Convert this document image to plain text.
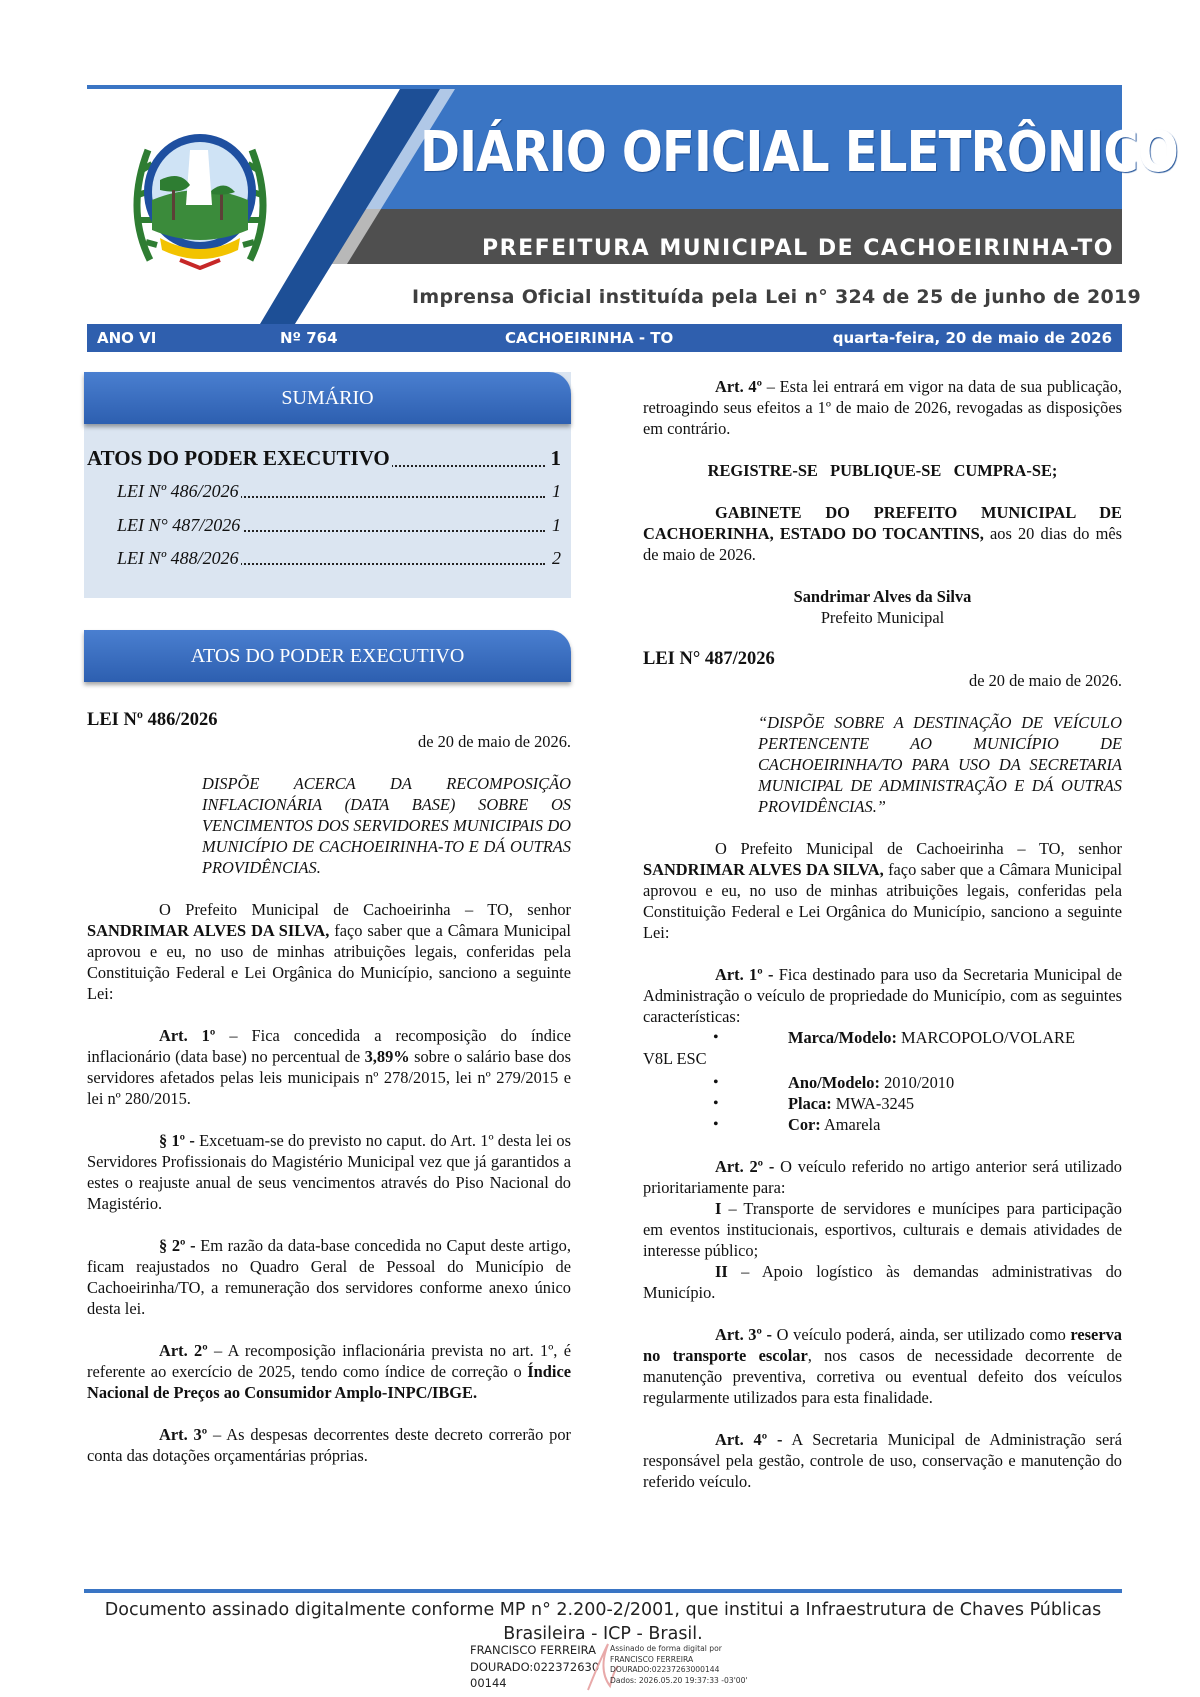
DIÁRIO OFICIAL ELETRÔNICO
PREFEITURA MUNICIPAL DE CACHOEIRINHA-TO
Imprensa Oficial instituída pela Lei n° 324 de 25 de junho de 2019
ANO VI	Nº 764	CACHOEIRINHA - TO	quarta-feira, 20 de maio de 2026
SUMÁRIO
ATOS DO PODER EXECUTIVO	1
LEI Nº 486/2026	1
LEI N° 487/2026	1
LEI Nº 488/2026	2
ATOS DO PODER EXECUTIVO

LEI Nº 486/2026

de 20 de maio de 2026.

DISPÕE ACERCA DA RECOMPOSIÇÃO INFLACIONÁRIA (DATA BASE) SOBRE OS VENCIMENTOS DOS SERVIDORES MUNICIPAIS DO MUNICÍPIO DE CACHOEIRINHA-TO E DÁ OUTRAS PROVIDÊNCIAS.

O Prefeito Municipal de Cachoeirinha – TO, senhor SANDRIMAR ALVES DA SILVA, faço saber que a Câmara Municipal aprovou e eu, no uso de minhas atribuições legais, conferidas pela Constituição Federal e Lei Orgânica do Município, sanciono a seguinte Lei:

Art. 1º – Fica concedida a recomposição do índice inflacionário (data base) no percentual de 3,89% sobre o salário base dos servidores afetados pelas leis municipais nº 278/2015, lei nº 279/2015 e lei nº 280/2015.

§ 1º - Excetuam-se do previsto no caput. do Art. 1º desta lei os Servidores Profissionais do Magistério Municipal vez que já garantidos a estes o reajuste anual de seus vencimentos através do Piso Nacional do Magistério.

§ 2º - Em razão da data-base concedida no Caput deste artigo, ficam reajustados no Quadro Geral de Pessoal do Município de Cachoeirinha/TO, a remuneração dos servidores conforme anexo único desta lei.

Art. 2º – A recomposição inflacionária prevista no art. 1º, é referente ao exercício de 2025, tendo como índice de correção o Índice Nacional de Preços ao Consumidor Amplo-INPC/IBGE.

Art. 3º – As despesas decorrentes deste decreto correrão por conta das dotações orçamentárias próprias.

Art. 4º – Esta lei entrará em vigor na data de sua publicação, retroagindo seus efeitos a 1º de maio de 2026, revogadas as disposições em contrário.

REGISTRE-SE   PUBLIQUE-SE   CUMPRA-SE;

GABINETE DO PREFEITO MUNICIPAL DE CACHOERINHA, ESTADO DO TOCANTINS, aos 20 dias do mês de maio de 2026.

Sandrimar Alves da Silva

Prefeito Municipal

LEI N° 487/2026

de 20 de maio de 2026.

“DISPÕE SOBRE A DESTINAÇÃO DE VEÍCULO PERTENCENTE AO MUNICÍPIO DE CACHOEIRINHA/TO PARA USO DA SECRETARIA MUNICIPAL DE ADMINISTRAÇÃO E DÁ OUTRAS PROVIDÊNCIAS.”

O Prefeito Municipal de Cachoeirinha – TO, senhor SANDRIMAR ALVES DA SILVA, faço saber que a Câmara Municipal aprovou e eu, no uso de minhas atribuições legais, conferidas pela Constituição Federal e Lei Orgânica do Município, sanciono a seguinte Lei:

Art. 1º - Fica destinado para uso da Secretaria Municipal de Administração o veículo de propriedade do Município, com as seguintes características:

• Marca/Modelo: MARCOPOLO/VOLARE

V8L ESC

• Ano/Modelo: 2010/2010

• Placa: MWA-3245

• Cor: Amarela

Art. 2º - O veículo referido no artigo anterior será utilizado prioritariamente para:

I – Transporte de servidores e munícipes para participação em eventos institucionais, esportivos, culturais e demais atividades de interesse público;

II – Apoio logístico às demandas administrativas do Município.

Art. 3º - O veículo poderá, ainda, ser utilizado como reserva no transporte escolar, nos casos de necessidade decorrente de manutenção preventiva, corretiva ou eventual defeito dos veículos regularmente utilizados para esta finalidade.

Art. 4º - A Secretaria Municipal de Administração será responsável pela gestão, controle de uso, conservação e manutenção do referido veículo.

Documento assinado digitalmente conforme MP n° 2.200-2/2001, que institui a Infraestrutura de Chaves Públicas
Brasileira - ICP - Brasil.
FRANCISCO FERREIRA
DOURADO:022372630
00144
Assinado de forma digital por
FRANCISCO FERREIRA
DOURADO:02237263000144
Dados: 2026.05.20 19:37:33 -03'00'
